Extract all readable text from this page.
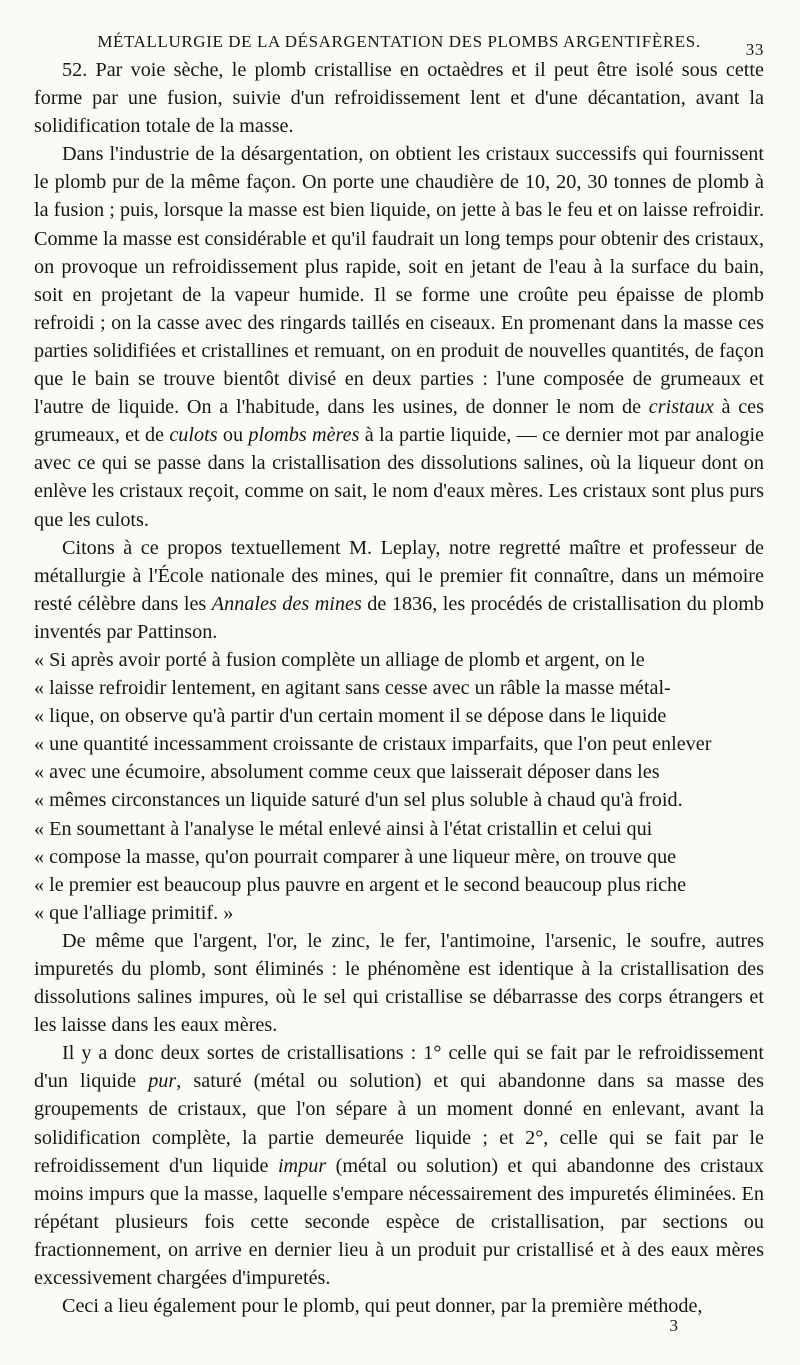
MÉTALLURGIE DE LA DÉSARGENTATION DES PLOMBS ARGENTIFÈRES.	33

52. Par voie sèche, le plomb cristallise en octaèdres et il peut être isolé sous cette forme par une fusion, suivie d'un refroidissement lent et d'une décantation, avant la solidification totale de la masse.

Dans l'industrie de la désargentation, on obtient les cristaux successifs qui fournissent le plomb pur de la même façon. On porte une chaudière de 10, 20, 30 tonnes de plomb à la fusion ; puis, lorsque la masse est bien liquide, on jette à bas le feu et on laisse refroidir. Comme la masse est considérable et qu'il faudrait un long temps pour obtenir des cristaux, on provoque un refroidissement plus rapide, soit en jetant de l'eau à la surface du bain, soit en projetant de la vapeur humide. Il se forme une croûte peu épaisse de plomb refroidi ; on la casse avec des ringards taillés en ciseaux. En promenant dans la masse ces parties solidifiées et cristallines et remuant, on en produit de nouvelles quantités, de façon que le bain se trouve bientôt divisé en deux parties : l'une composée de grumeaux et l'autre de liquide. On a l'habitude, dans les usines, de donner le nom de cristaux à ces grumeaux, et de culots ou plombs mères à la partie liquide, — ce dernier mot par analogie avec ce qui se passe dans la cristallisation des dissolutions salines, où la liqueur dont on enlève les cristaux reçoit, comme on sait, le nom d'eaux mères. Les cristaux sont plus purs que les culots.

Citons à ce propos textuellement M. Leplay, notre regretté maître et professeur de métallurgie à l'École nationale des mines, qui le premier fit connaître, dans un mémoire resté célèbre dans les Annales des mines de 1836, les procédés de cristallisation du plomb inventés par Pattinson.

« Si après avoir porté à fusion complète un alliage de plomb et argent, on le
« laisse refroidir lentement, en agitant sans cesse avec un râble la masse métal-
« lique, on observe qu'à partir d'un certain moment il se dépose dans le liquide
« une quantité incessamment croissante de cristaux imparfaits, que l'on peut enlever
« avec une écumoire, absolument comme ceux que laisserait déposer dans les
« mêmes circonstances un liquide saturé d'un sel plus soluble à chaud qu'à froid.
« En soumettant à l'analyse le métal enlevé ainsi à l'état cristallin et celui qui
« compose la masse, qu'on pourrait comparer à une liqueur mère, on trouve que
« le premier est beaucoup plus pauvre en argent et le second beaucoup plus riche
« que l'alliage primitif. »

De même que l'argent, l'or, le zinc, le fer, l'antimoine, l'arsenic, le soufre, autres impuretés du plomb, sont éliminés : le phénomène est identique à la cristallisation des dissolutions salines impures, où le sel qui cristallise se débarrasse des corps étrangers et les laisse dans les eaux mères.

Il y a donc deux sortes de cristallisations : 1° celle qui se fait par le refroidissement d'un liquide pur, saturé (métal ou solution) et qui abandonne dans sa masse des groupements de cristaux, que l'on sépare à un moment donné en enlevant, avant la solidification complète, la partie demeurée liquide ; et 2°, celle qui se fait par le refroidissement d'un liquide impur (métal ou solution) et qui abandonne des cristaux moins impurs que la masse, laquelle s'empare nécessairement des impuretés éliminées. En répétant plusieurs fois cette seconde espèce de cristallisation, par sections ou fractionnement, on arrive en dernier lieu à un produit pur cristallisé et à des eaux mères excessivement chargées d'impuretés.

Ceci a lieu également pour le plomb, qui peut donner, par la première méthode,

3
